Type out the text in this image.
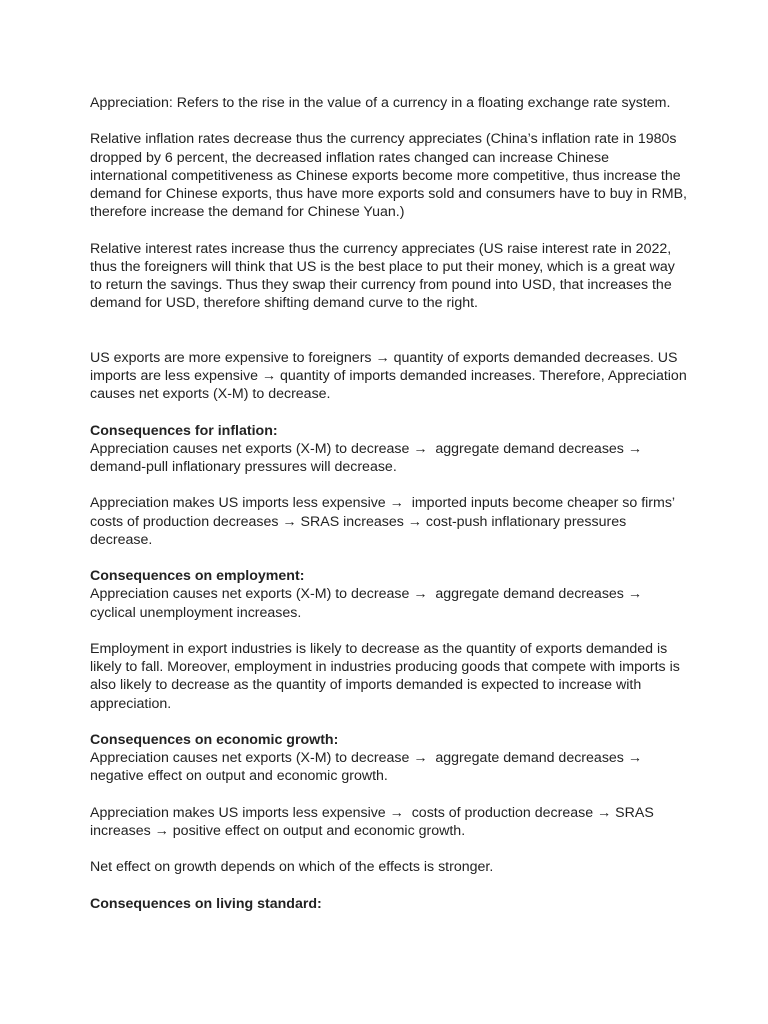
Appreciation: Refers to the rise in the value of a currency in a floating exchange rate system.

Relative inflation rates decrease thus the currency appreciates (China’s inflation rate in 1980s dropped by 6 percent, the decreased inflation rates changed can increase Chinese international competitiveness as Chinese exports become more competitive, thus increase the demand for Chinese exports, thus have more exports sold and consumers have to buy in RMB, therefore increase the demand for Chinese Yuan.)

Relative interest rates increase thus the currency appreciates (US raise interest rate in 2022, thus the foreigners will think that US is the best place to put their money, which is a great way to return the savings. Thus they swap their currency from pound into USD, that increases the demand for USD, therefore shifting demand curve to the right.

US exports are more expensive to foreigners → quantity of exports demanded decreases. US imports are less expensive → quantity of imports demanded increases. Therefore, Appreciation causes net exports (X-M) to decrease.

Consequences for inflation:

Appreciation causes net exports (X-M) to decrease →  aggregate demand decreases → demand-pull inflationary pressures will decrease.

Appreciation makes US imports less expensive →  imported inputs become cheaper so firms’ costs of production decreases → SRAS increases → cost-push inflationary pressures decrease.

Consequences on employment:

Appreciation causes net exports (X-M) to decrease →  aggregate demand decreases → cyclical unemployment increases.

Employment in export industries is likely to decrease as the quantity of exports demanded is likely to fall. Moreover, employment in industries producing goods that compete with imports is also likely to decrease as the quantity of imports demanded is expected to increase with appreciation.

Consequences on economic growth:

Appreciation causes net exports (X-M) to decrease →  aggregate demand decreases → negative effect on output and economic growth.

Appreciation makes US imports less expensive →  costs of production decrease → SRAS increases → positive effect on output and economic growth.

Net effect on growth depends on which of the effects is stronger.

Consequences on living standard:
